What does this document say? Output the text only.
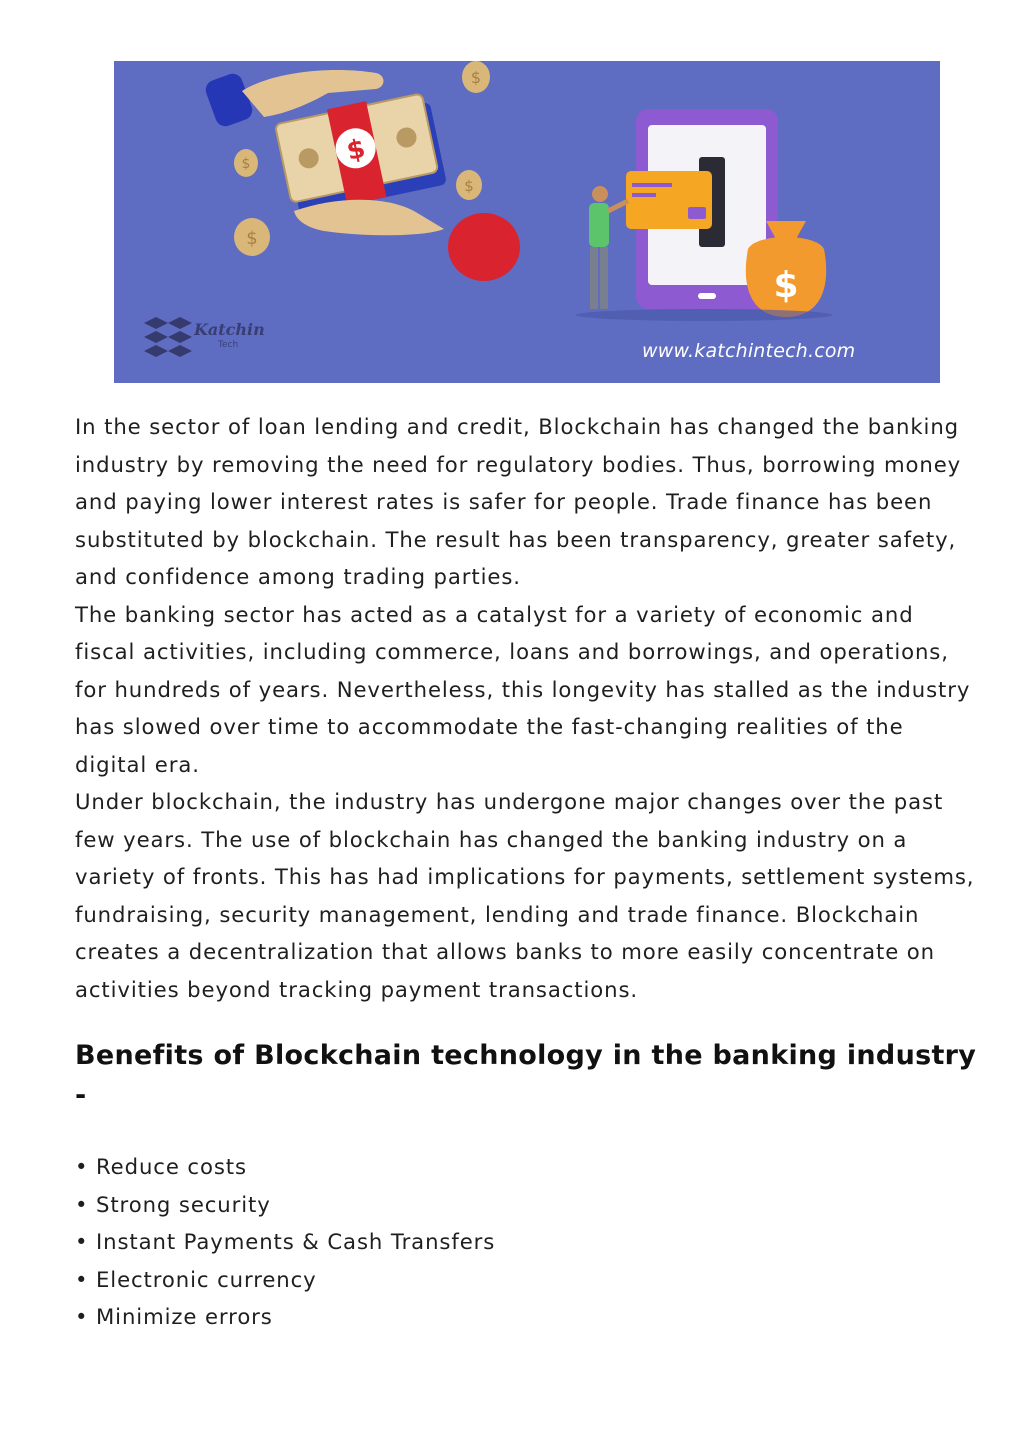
$
$
$
$
$
$
Katchin
Tech	www.katchintech.com

In the sector of loan lending and credit, Blockchain has changed the banking industry by removing the need for regulatory bodies. Thus, borrowing money and paying lower interest rates is safer for people. Trade finance has been substituted by blockchain. The result has been transparency, greater safety, and confidence among trading parties.

The banking sector has acted as a catalyst for a variety of economic and fiscal activities, including commerce, loans and borrowings, and operations, for hundreds of years. Nevertheless, this longevity has stalled as the industry has slowed over time to accommodate the fast-changing realities of the digital era.

Under blockchain, the industry has undergone major changes over the past few years. The use of blockchain has changed the banking industry on a variety of fronts. This has had implications for payments, settlement systems, fundraising, security management, lending and trade finance. Blockchain creates a decentralization that allows banks to more easily concentrate on activities beyond tracking payment transactions.

Benefits of Blockchain technology in the banking industry -
• Reduce costs
• Strong security
• Instant Payments & Cash Transfers
• Electronic currency
• Minimize errors
